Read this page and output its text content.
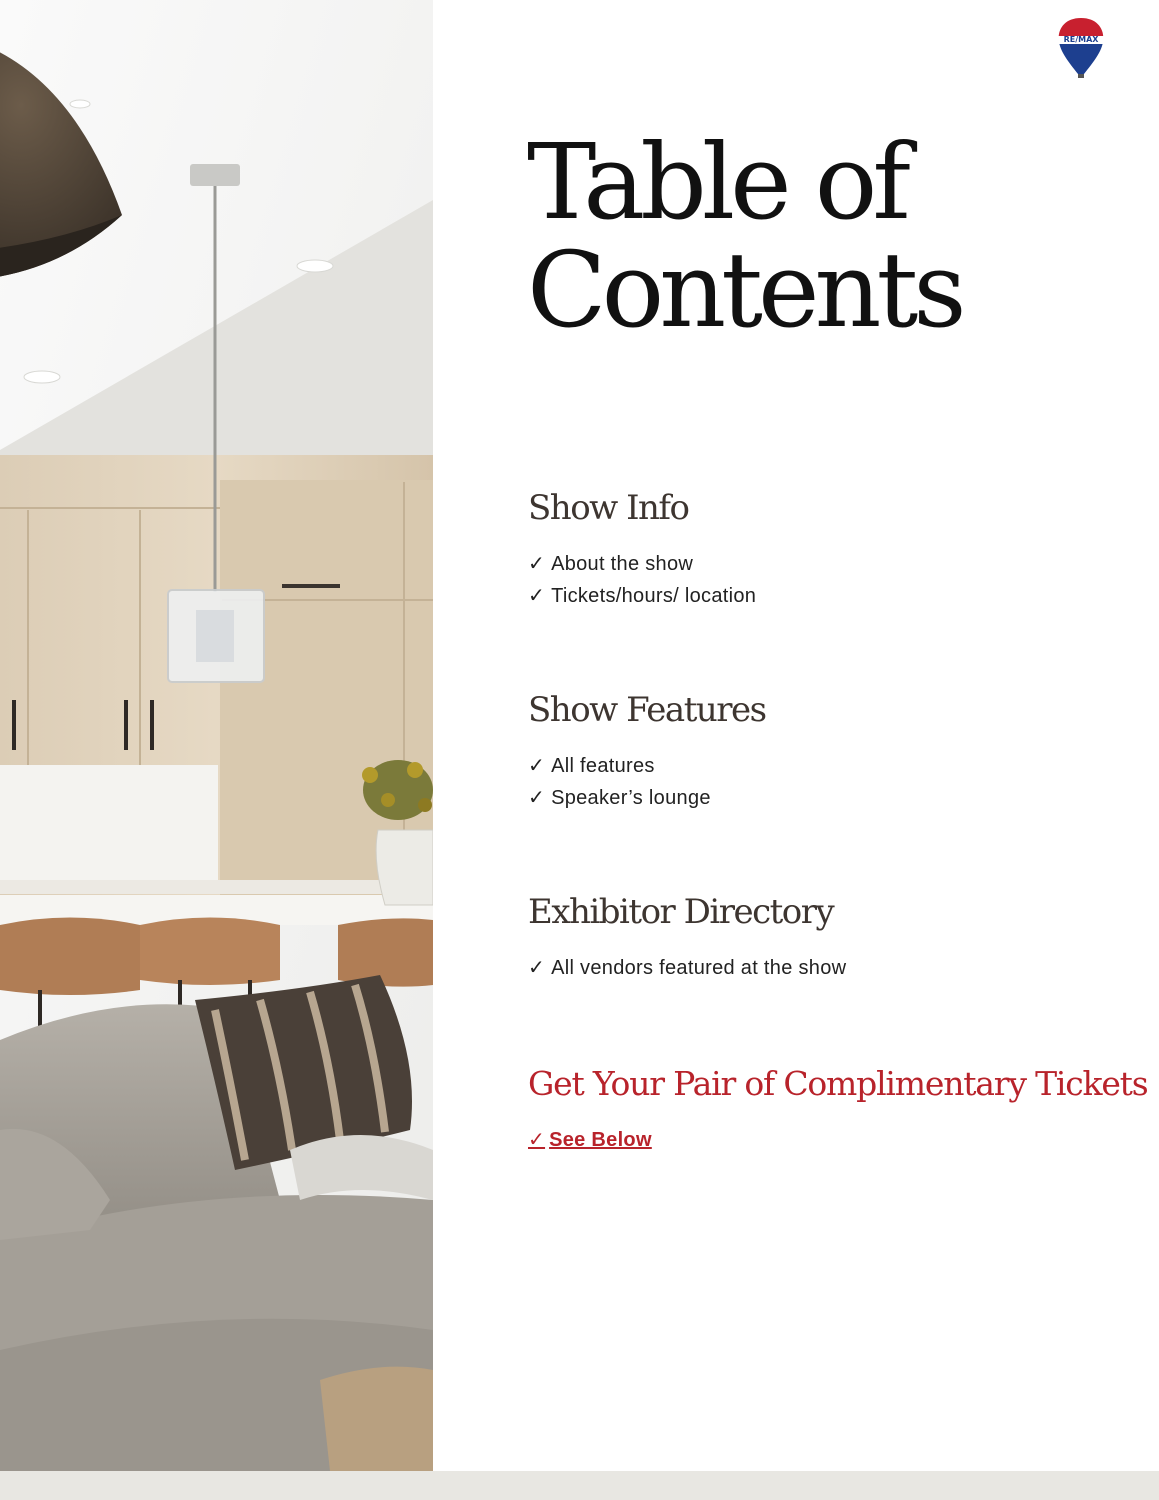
RE/MAX
Table of
Contents
Show Info
✓ About the show
✓ Tickets/hours/ location
Show Features
✓ All features
✓ Speaker’s lounge
Exhibitor Directory
✓ All vendors featured at the show
Get Your Pair of Complimentary Tickets
✓ See Below
